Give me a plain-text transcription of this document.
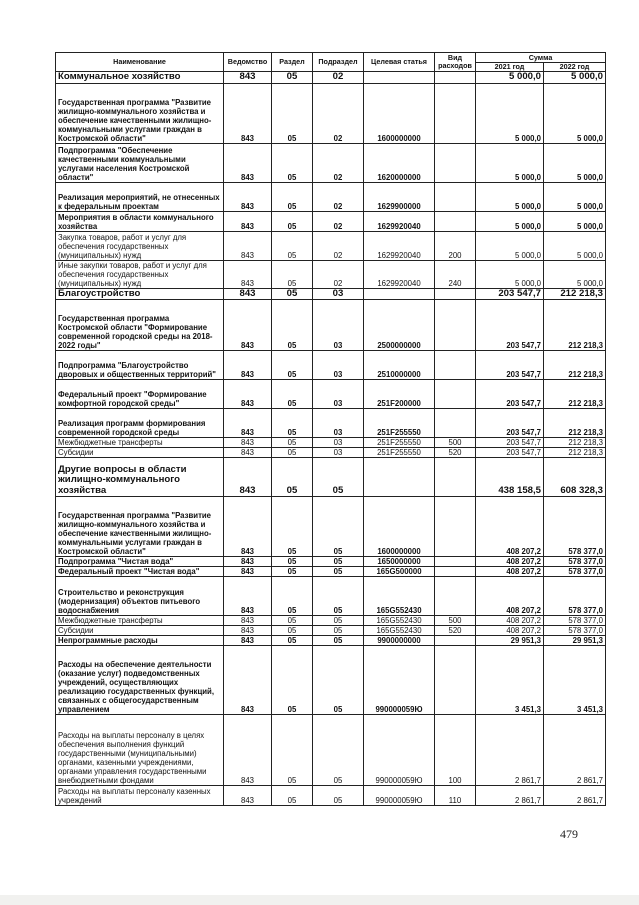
Наименование	Ведомство	Раздел	Подраздел	Целевая статья	Вид расходов	Сумма	
						2021 год	2022 год
Коммунальное хозяйство	843	05	02			5 000,0	5 000,0
Государственная программа "Развитие жилищно-коммунального хозяйства и обеспечение качественными жилищно-коммунальными услугами граждан в Костромской области"	843	05	02	1600000000		5 000,0	5 000,0
Подпрограмма "Обеспечение качественными коммунальными услугами населения Костромской области"	843	05	02	1620000000		5 000,0	5 000,0
Реализация мероприятий, не отнесенных к федеральным проектам	843	05	02	1629900000		5 000,0	5 000,0
Мероприятия в области коммунального хозяйства	843	05	02	1629920040		5 000,0	5 000,0
Закупка товаров, работ и услуг для обеспечения государственных (муниципальных) нужд	843	05	02	1629920040	200	5 000,0	5 000,0
Иные закупки товаров, работ и услуг для обеспечения государственных (муниципальных) нужд	843	05	02	1629920040	240	5 000,0	5 000,0
Благоустройство	843	05	03			203 547,7	212 218,3
Государственная программа Костромской области "Формирование современной городской среды на 2018-2022 годы"	843	05	03	2500000000		203 547,7	212 218,3
Подпрограмма "Благоустройство дворовых и общественных территорий"	843	05	03	2510000000		203 547,7	212 218,3
Федеральный проект "Формирование комфортной городской среды"	843	05	03	251F200000		203 547,7	212 218,3
Реализация программ формирования современной городской среды	843	05	03	251F255550		203 547,7	212 218,3
Межбюджетные трансферты	843	05	03	251F255550	500	203 547,7	212 218,3
Субсидии	843	05	03	251F255550	520	203 547,7	212 218,3
Другие вопросы в области жилищно-коммунального хозяйства	843	05	05			438 158,5	608 328,3
Государственная программа "Развитие жилищно-коммунального хозяйства и обеспечение качественными жилищно-коммунальными услугами граждан в Костромской области"	843	05	05	1600000000		408 207,2	578 377,0
Подпрограмма "Чистая вода"	843	05	05	1650000000		408 207,2	578 377,0
Федеральный проект "Чистая вода"	843	05	05	165G500000		408 207,2	578 377,0
Строительство и реконструкция (модернизация) объектов питьевого водоснабжения	843	05	05	165G552430		408 207,2	578 377,0
Межбюджетные трансферты	843	05	05	165G552430	500	408 207,2	578 377,0
Субсидии	843	05	05	165G552430	520	408 207,2	578 377,0
Непрограммные расходы	843	05	05	9900000000		29 951,3	29 951,3
Расходы на обеспечение деятельности (оказание услуг) подведомственных учреждений, осуществляющих реализацию государственных функций, связанных с общегосударственным управлением	843	05	05	990000059Ю		3 451,3	3 451,3
Расходы на выплаты персоналу в целях обеспечения выполнения функций государственными (муниципальными) органами, казенными учреждениями, органами управления государственными внебюджетными фондами	843	05	05	990000059Ю	100	2 861,7	2 861,7
Расходы на выплаты персоналу казенных учреждений	843	05	05	990000059Ю	110	2 861,7	2 861,7
479
